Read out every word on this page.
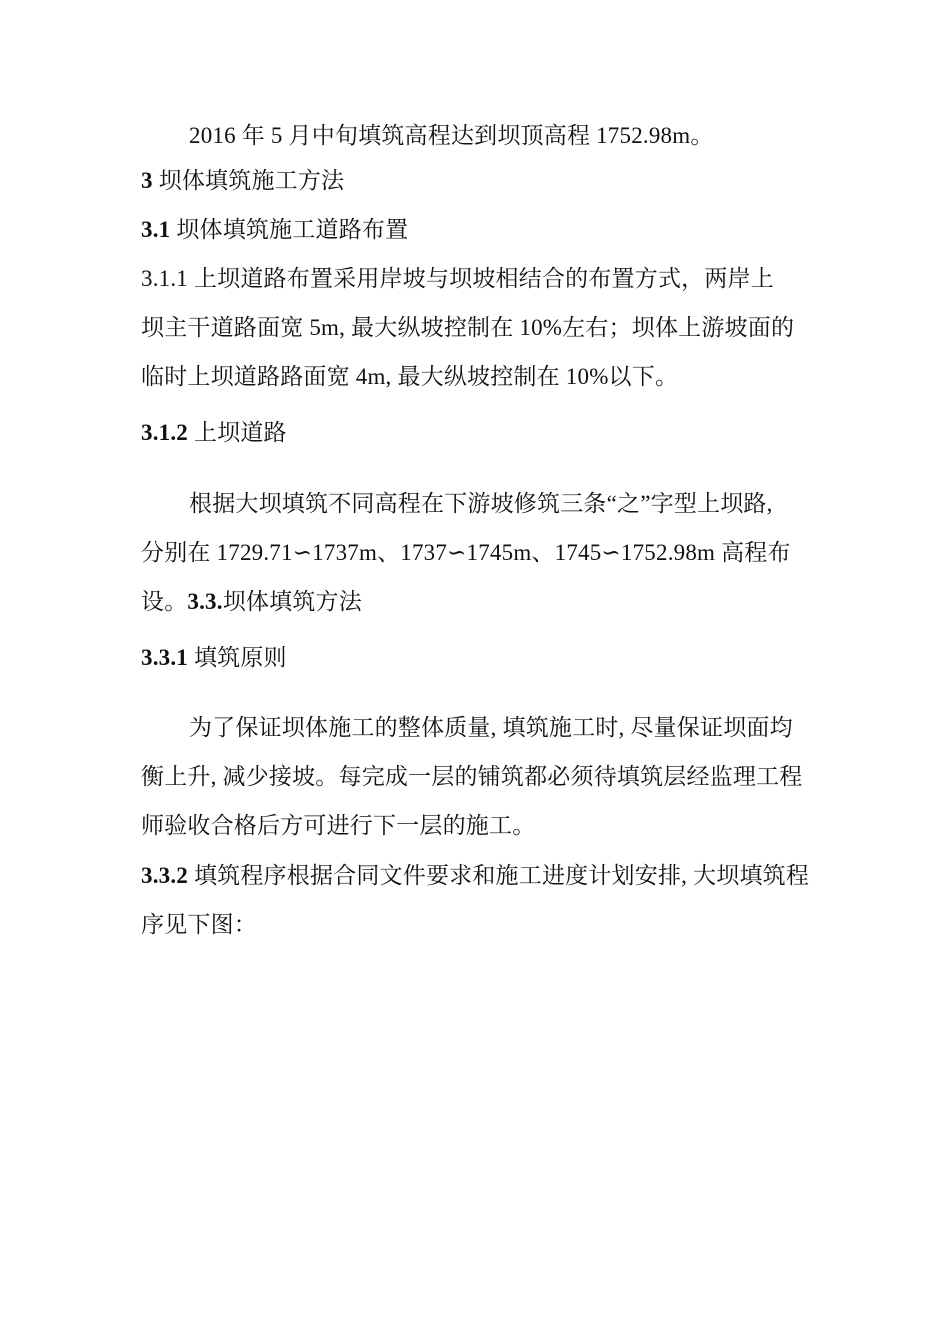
2016 年 5 月中旬填筑高程达到坝顶高程 1752.98m。
3 坝体填筑施工方法
3.1 坝体填筑施工道路布置
3.1.1 上坝道路布置采用岸坡与坝坡相结合的布置方式，两岸上
坝主干道路面宽 5m, 最大纵坡控制在 10%左右；坝体上游坡面的
临时上坝道路路面宽 4m, 最大纵坡控制在 10%以下。
3.1.2 上坝道路
根据大坝填筑不同高程在下游坡修筑三条“之”字型上坝路,
分别在 1729.71∽1737m、1737∽1745m、1745∽1752.98m 高程布
设。3.3.坝体填筑方法
3.3.1 填筑原则
为了保证坝体施工的整体质量, 填筑施工时, 尽量保证坝面均
衡上升, 减少接坡。每完成一层的铺筑都必须待填筑层经监理工程
师验收合格后方可进行下一层的施工。
3.3.2 填筑程序根据合同文件要求和施工进度计划安排, 大坝填筑程
序见下图：
